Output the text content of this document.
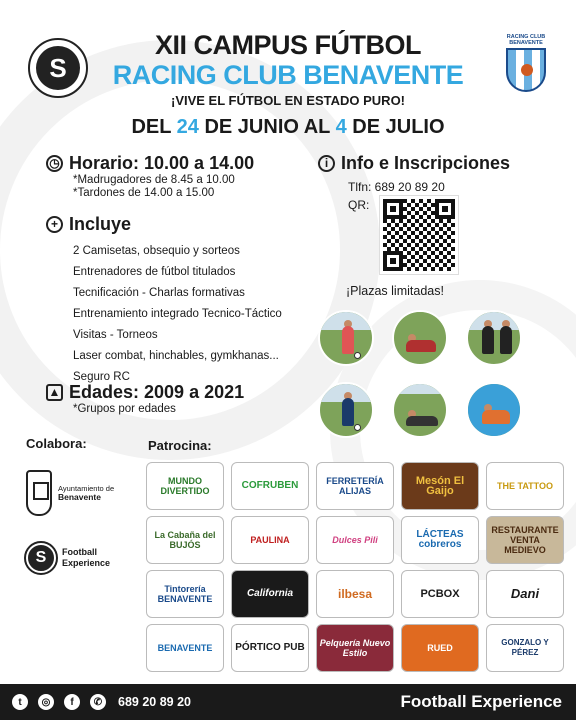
S
RACING CLUB
BENAVENTE
XII CAMPUS FÚTBOL
RACING CLUB BENAVENTE
¡VIVE EL FÚTBOL EN ESTADO PURO!
DEL 24 DE JUNIO AL 4 DE JULIO
◷ Horario: 10.00 a 14.00
*Madrugadores de 8.45 a 10.00
*Tardones de 14.00 a 15.00
+ Incluye
2 Camisetas, obsequio y sorteos
Entrenadores de fútbol titulados
Tecnificación - Charlas formativas
Entrenamiento integrado Tecnico-Táctico
Visitas - Torneos
Laser combat, hinchables, gymkhanas...
Seguro RC
▲ Edades: 2009 a 2021
*Grupos por edades
i Info e Inscripciones
Tlfn: 689 20 89 20
QR:
¡Plazas limitadas!
Colabora:	Patrocina:
Ayuntamiento de
Benavente
S	Football
Experience
MUNDO DIVERTIDO	COFRUBEN	FERRETERÍA ALIJAS
Mesón El Gaijo	THE TATTOO
La Cabaña del BUJÓS	PAULINA	Dulces Pili	LÁCTEAS cobreros
RESTAURANTE VENTA MEDIEVO
Tintorería BENAVENTE	California	ilbesa	PCBOX	Dani
BENAVENTE	PÓRTICO PUB	Pelquería Nuevo Estilo	RUED
GONZALO Y PÉREZ
t	◎	f	✆	689 20 89 20	Football Experience
